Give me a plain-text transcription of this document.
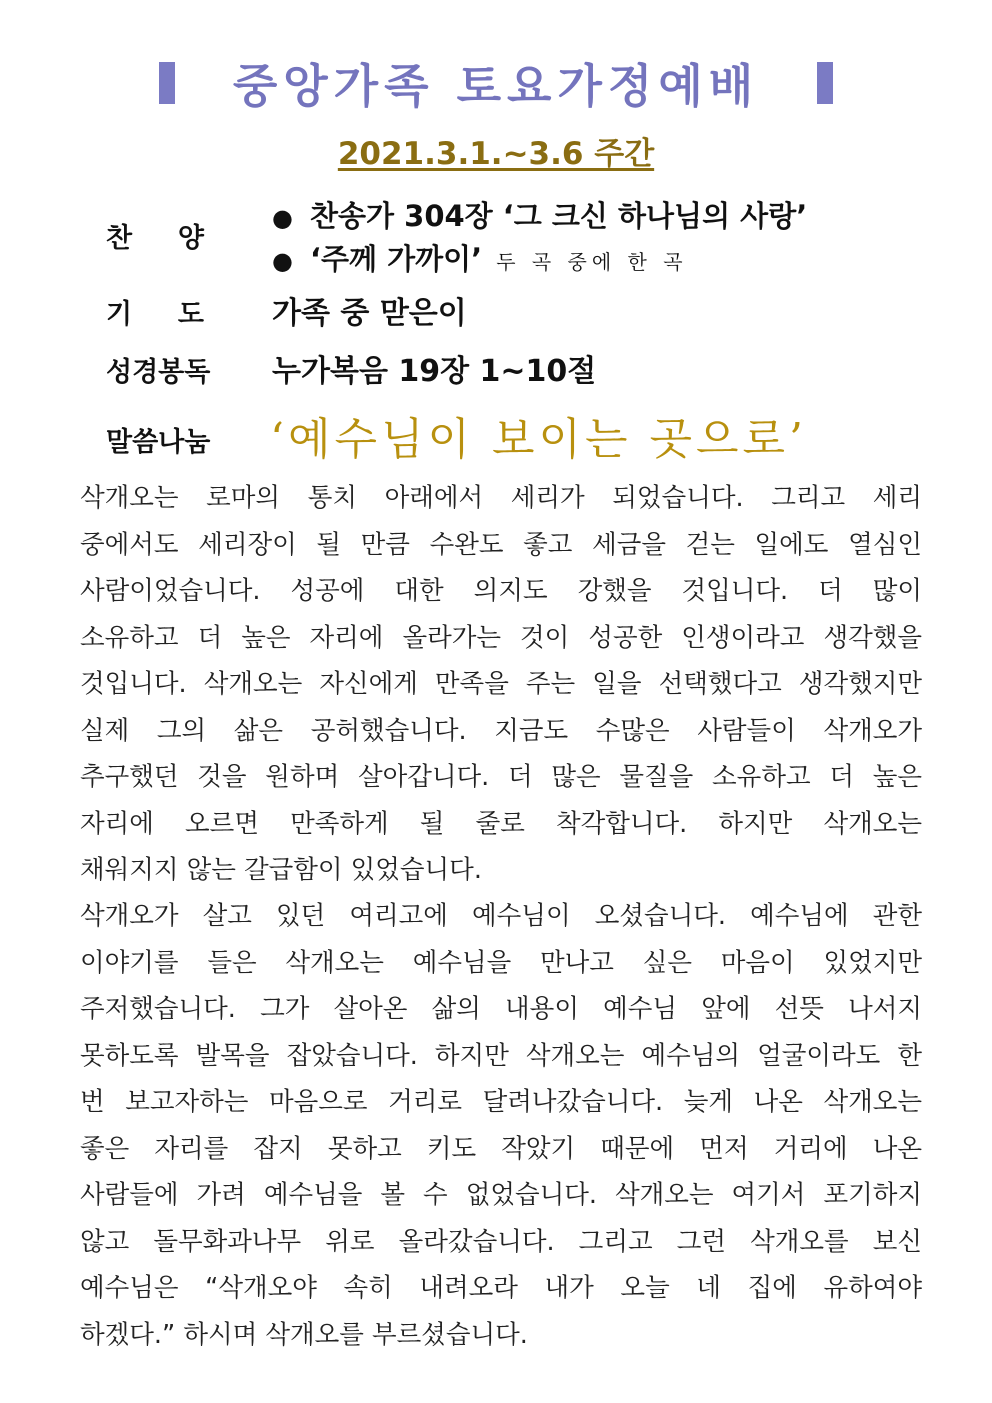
중앙가족 토요가정예배
2021.3.1.~3.6 주간
찬 양
● 찬송가 304장 ‘그 크신 하나님의 사랑’
● ‘주께 가까이’ 두 곡 중에 한 곡
기 도 가족 중 맏은이
성경봉독 누가복음 19장 1~10절
말씀나눔 ‘예수님이 보이는 곳으로’
삭개오는 로마의 통치 아래에서 세리가 되었습니다. 그리고 세리
중에서도 세리장이 될 만큼 수완도 좋고 세금을 걷는 일에도 열심인
사람이었습니다. 성공에 대한 의지도 강했을 것입니다. 더 많이
소유하고 더 높은 자리에 올라가는 것이 성공한 인생이라고 생각했을
것입니다. 삭개오는 자신에게 만족을 주는 일을 선택했다고 생각했지만
실제 그의 삶은 공허했습니다. 지금도 수많은 사람들이 삭개오가
추구했던 것을 원하며 살아갑니다. 더 많은 물질을 소유하고 더 높은
자리에 오르면 만족하게 될 줄로 착각합니다. 하지만 삭개오는
채워지지 않는 갈급함이 있었습니다.
삭개오가 살고 있던 여리고에 예수님이 오셨습니다. 예수님에 관한
이야기를 들은 삭개오는 예수님을 만나고 싶은 마음이 있었지만
주저했습니다. 그가 살아온 삶의 내용이 예수님 앞에 선뜻 나서지
못하도록 발목을 잡았습니다. 하지만 삭개오는 예수님의 얼굴이라도 한
번 보고자하는 마음으로 거리로 달려나갔습니다. 늦게 나온 삭개오는
좋은 자리를 잡지 못하고 키도 작았기 때문에 먼저 거리에 나온
사람들에 가려 예수님을 볼 수 없었습니다. 삭개오는 여기서 포기하지
않고 돌무화과나무 위로 올라갔습니다. 그리고 그런 삭개오를 보신
예수님은 “삭개오야 속히 내려오라 내가 오늘 네 집에 유하여야
하겠다.” 하시며 삭개오를 부르셨습니다.
